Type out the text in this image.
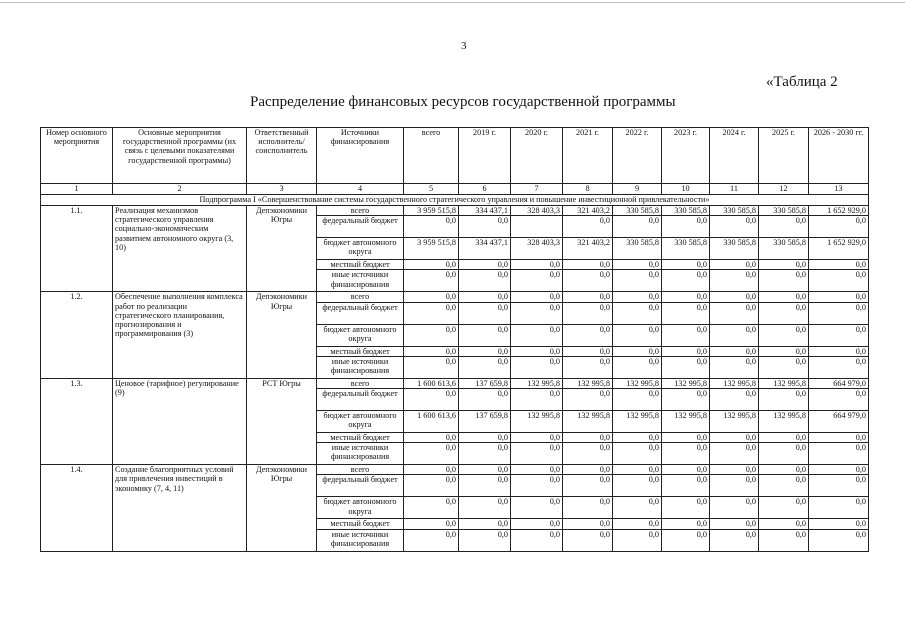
3
«Таблица 2
Распределение финансовых ресурсов государственной программы
Номер основного мероприятия	Основные мероприятия государственной программы (их связь с целевыми показателями государственной программы)	Ответственный исполнитель/ соисполнитель	Источники финансирования	всего	2019 г.	2020 г.	2021 г.	2022 г.	2023 г.	2024 г.	2025 г.	2026 - 2030 гг.
1	2	3	4	5	6	7	8	9	10	11	12	13
Подпрограмма I «Совершенствование системы государственного стратегического управления и повышение инвестиционной привлекательности»												
1.1.	Реализация механизмов стратегического управления социально-экономическим развитием автономного округа (3, 10)	Депэкономики Югры	всего	3 959 515,8	334 437,1	328 403,3	321 403,2	330 585,8	330 585,8	330 585,8	330 585,8	1 652 929,0
			федеральный бюджет	0,0	0,0		0,0	0,0	0,0	0,0	0,0	0,0
			бюджет автономного округа	3 959 515,8	334 437,1	328 403,3	321 403,2	330 585,8	330 585,8	330 585,8	330 585,8	1 652 929,0
			местный бюджет	0,0	0,0	0,0	0,0	0,0	0,0	0,0	0,0	0,0
			иные источники финансирования	0,0	0,0	0,0	0,0	0,0	0,0	0,0	0,0	0,0
1.2.	Обеспечение выполнения комплекса работ по реализации стратегического планирования, прогнозирования и программирования (3)	Депэкономики Югры	всего	0,0	0,0	0,0	0,0	0,0	0,0	0,0	0,0	0,0
			федеральный бюджет	0,0	0,0	0,0	0,0	0,0	0,0	0,0	0,0	0,0
			бюджет автономного округа	0,0	0,0	0,0	0,0	0,0	0,0	0,0	0,0	0,0
			местный бюджет	0,0	0,0	0,0	0,0	0,0	0,0	0,0	0,0	0,0
			иные источники финансирования	0,0	0,0	0,0	0,0	0,0	0,0	0,0	0,0	0,0
1.3.	Ценовое (тарифное) регулирование (9)	РСТ Югры	всего	1 600 613,6	137 659,8	132 995,8	132 995,8	132 995,8	132 995,8	132 995,8	132 995,8	664 979,0
			федеральный бюджет	0,0	0,0	0,0	0,0	0,0	0,0	0,0	0,0	0,0
			бюджет автономного округа	1 600 613,6	137 659,8	132 995,8	132 995,8	132 995,8	132 995,8	132 995,8	132 995,8	664 979,0
			местный бюджет	0,0	0,0	0,0	0,0	0,0	0,0	0,0	0,0	0,0
			иные источники финансирования	0,0	0,0	0,0	0,0	0,0	0,0	0,0	0,0	0,0
1.4.	Создание благоприятных условий для привлечения инвестиций в экономику (7, 4, 11)	Депэкономики Югры	всего	0,0	0,0	0,0	0,0	0,0	0,0	0,0	0,0	0,0
			федеральный бюджет	0,0	0,0	0,0	0,0	0,0	0,0	0,0	0,0	0,0
			бюджет автономного округа	0,0	0,0	0,0	0,0	0,0	0,0	0,0	0,0	0,0
			местный бюджет	0,0	0,0	0,0	0,0	0,0	0,0	0,0	0,0	0,0
			иные источники финансирования	0,0	0,0	0,0	0,0	0,0	0,0	0,0	0,0	0,0
